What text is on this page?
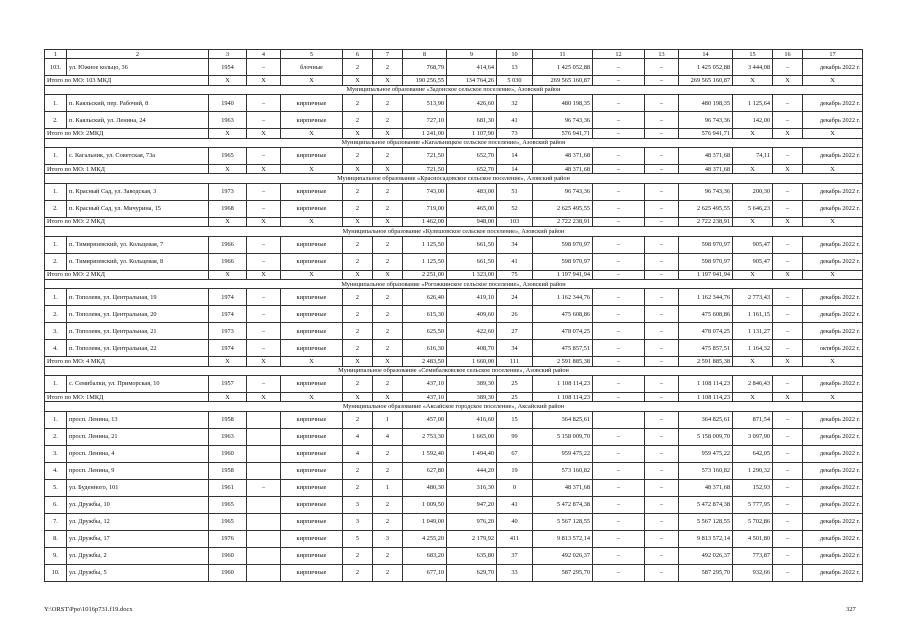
1	2	3	4	5	6	7	8	9	10	11	12	13	14	15	16	17
103.	ул. Южное кольцо, 36	1954	–	блочные	2	2	768,79	414,64	13	1 425 052,88	–	–	1 425 052,88	3 444,08	–	декабрь 2022 г.
Итого по МО: 103 МКД		X	X	X	X	X	190 256,55	134 764,26	5 030	269 565 160,87	–	–	269 565 160,87	X	X	X
Муниципальное образование «Задонское сельское поселение», Азовский район																
1.	п. Каяльский, пер. Рабочий, 8	1940	–	кирпичные	2	2	513,90	426,60	32	480 198,35	–	–	480 198,35	1 125,64	–	декабрь 2022 г.
2.	п. Каяльский, ул. Ленина, 24	1963	–	кирпичные	2	2	727,10	681,30	41	96 743,36	–	–	96 743,36	142,00	–	декабрь 2022 г.
Итого по МО: 2МКД		X	X	X	X	X	1 241,00	1 107,90	73	576 941,71	–	–	576 941,71	X	X	X
Муниципальное образование «Кагальницкое сельское поселение», Азовский район																
1.	с. Кагальник, ул. Советская, 73а	1965	–	кирпичные	2	2	721,50	652,70	14	48 371,68	–	–	48 371,68	74,11	–	декабрь 2022 г.
Итого по МО: 1 МКД		X	X	X	X	X	721,50	652,70	14	48 371,68	–	–	48 371,68	X	X	X
Муниципальное образование «Красносадовское сельское поселение», Азовский район																
1.	п. Красный Сад, ул. Заводская, 3	1973	–	кирпичные	2	2	743,00	483,00	51	96 743,36	–	–	96 743,36	200,30	–	декабрь 2022 г.
2.	п. Красный Сад, ул. Мичурина, 15	1968	–	кирпичные	2	2	719,00	465,00	52	2 625 495,55	–	–	2 625 495,55	5 646,23	–	декабрь 2022 г.
Итого по МО: 2 МКД		X	X	X	X	X	1 462,00	948,00	103	2 722 238,91	–	–	2 722 238,91	X	X	X
Муниципальное образование «Кулешовское сельское поселение», Азовский район																
1.	п. Тимирязевский, ул. Кольцевая, 7	1966	–	кирпичные	2	2	1 125,50	661,50	34	598 970,97	–	–	598 970,97	905,47	–	декабрь 2022 г.
2.	п. Тимирязевский, ул. Кольцевая, 8	1966	–	кирпичные	2	2	1 125,50	661,50	41	598 970,97	–	–	598 970,97	905,47	–	декабрь 2022 г.
Итого по МО: 2 МКД		X	X	X	X	X	2 251,00	1 323,00	75	1 197 941,94	–	–	1 197 941,94	X	X	X
Муниципальное образование «Рогожкинское сельское поселение», Азовский район																
1.	п. Тополевя, ул. Центральная, 19	1974	–	кирпичные	2	2	626,40	419,10	24	1 162 344,76	–	–	1 162 344,76	2 773,43	–	декабрь 2022 г.
2.	п. Тополевя, ул. Центральная, 20	1974	–	кирпичные	2	2	615,30	409,60	26	475 608,86	–	–	475 608,86	1 161,15	–	декабрь 2022 г.
3.	п. Тополевя, ул. Центральная, 21	1973	–	кирпичные	2	2	625,50	422,60	27	478 074,25	–	–	478 074,25	1 131,27	–	декабрь 2022 г.
4.	п. Тополевя, ул. Центральная, 22	1974	–	кирпичные	2	2	616,30	408,70	34	475 857,51	–	–	475 857,51	1 164,32	–	октябрь 2022 г.
Итого по МО: 4 МКД		X	X	X	X	X	2 483,50	1 660,00	111	2 591 885,38	–	–	2 591 885,38	X	X	X
Муниципальное образование «Семибалковское сельское поселение», Азовский район																
1.	с. Семибалки, ул. Приморская, 10	1957	–	кирпичные	2	2	437,10	389,30	25	1 108 114,23	–	–	1 108 114,23	2 846,43	–	декабрь 2022 г.
Итого по МО: 1МКД		X	X	X	X	X	437,10	389,30	25	1 108 114,23	–	–	1 108 114,23	X	X	X
Муниципальное образование «Аксайское городское поселение», Аксайский район																
1.	просп. Ленина, 13	1958		кирпичные	2	1	457,00	416,60	15	364 825,61		–	364 825,61	871,54	–	декабрь 2022 г.
2.	просп. Ленина, 21	1963		кирпичные	4	4	2 753,30	1 665,00	99	5 158 009,70	–	–	5 158 009,70	3 097,90	–	декабрь 2022 г.
3.	просп. Ленина, 4	1960		кирпичные	4	2	1 592,40	1 494,40	67	959 475,22	–	–	959 475,22	642,05	–	декабрь 2022 г.
4.	просп. Ленина, 9	1958		кирпичные	2	2	627,80	444,20	19	573 160,82	–	–	573 160,82	1 290,32	–	декабрь 2022 г.
5.	ул. Буденного, 101	1961	–	кирпичные	2	1	480,30	316,30	0	48 371,68	–	–	48 371,68	152,93	–	декабрь 2022 г.
6.	ул. Дружбы, 10	1965		кирпичные	3	2	1 009,50	947,20	41	5 472 874,38	–	–	5 472 874,38	5 777,95	–	декабрь 2022 г.
7.	ул. Дружбы, 12	1965		кирпичные	3	2	1 049,00	976,20	40	5 567 128,55	–	–	5 567 128,55	5 702,86	–	декабрь 2022 г.
8.	ул. Дружбы, 17	1976		кирпичные	5	3	4 255,20	2 179,92	411	9 813 572,14	–	–	9 813 572,14	4 501,80	–	декабрь 2022 г.
9.	ул. Дружбы, 2	1960		кирпичные	2	2	683,20	635,80	37	492 026,37	–	–	492 026,37	773,87	–	декабрь 2022 г.
10.	ул. Дружбы, 5	1960		кирпичные	2	2	677,10	629,70	33	587 295,70	–	–	587 295,70	932,66	–	декабрь 2022 г.
Y:\ORST\Ppo\1016p731.f19.docx	327
